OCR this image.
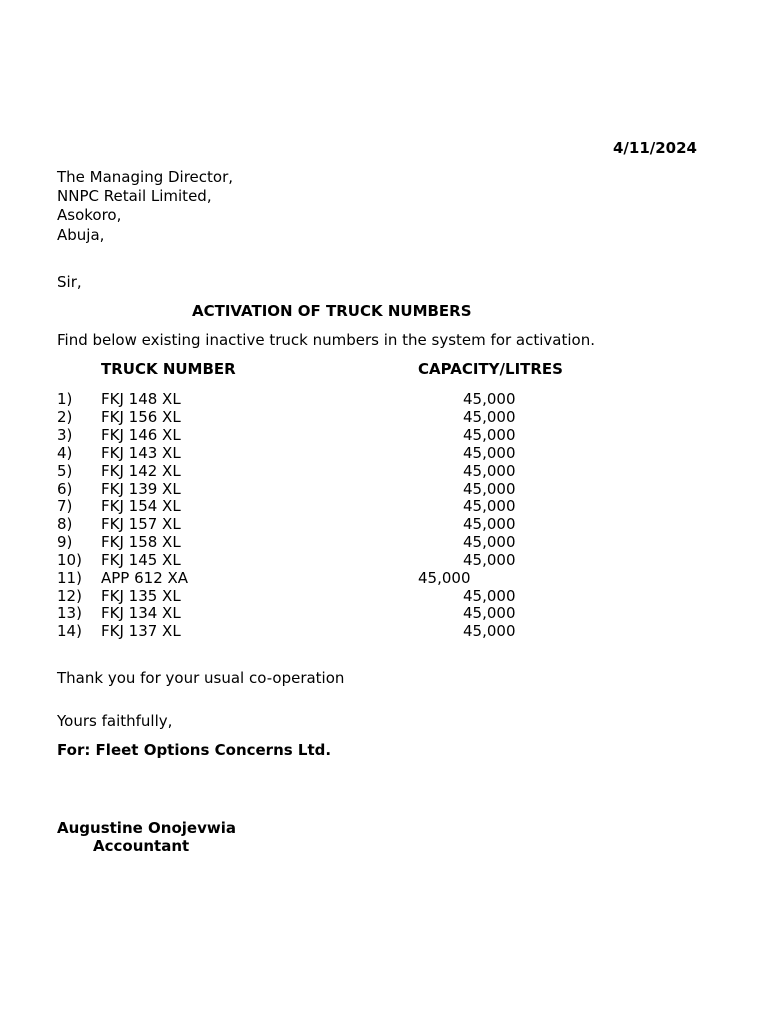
4/11/2024
The Managing Director,
NNPC Retail Limited,
Asokoro,
Abuja,
Sir,
ACTIVATION OF TRUCK NUMBERS
Find below existing inactive truck numbers in the system for activation.
TRUCK NUMBER	CAPACITY/LITRES
1) FKJ 148 XL	45,000
2) FKJ 156 XL	45,000
3) FKJ 146 XL	45,000
4) FKJ 143 XL	45,000
5) FKJ 142 XL	45,000
6) FKJ 139 XL	45,000
7) FKJ 154 XL	45,000
8) FKJ 157 XL	45,000
9) FKJ 158 XL	45,000
10) FKJ 145 XL	45,000
11) APP 612 XA	45,000
12) FKJ 135 XL	45,000
13) FKJ 134 XL	45,000
14) FKJ 137 XL	45,000
Thank you for your usual co-operation
Yours faithfully,
For: Fleet Options Concerns Ltd.
Augustine Onojevwia
Accountant
